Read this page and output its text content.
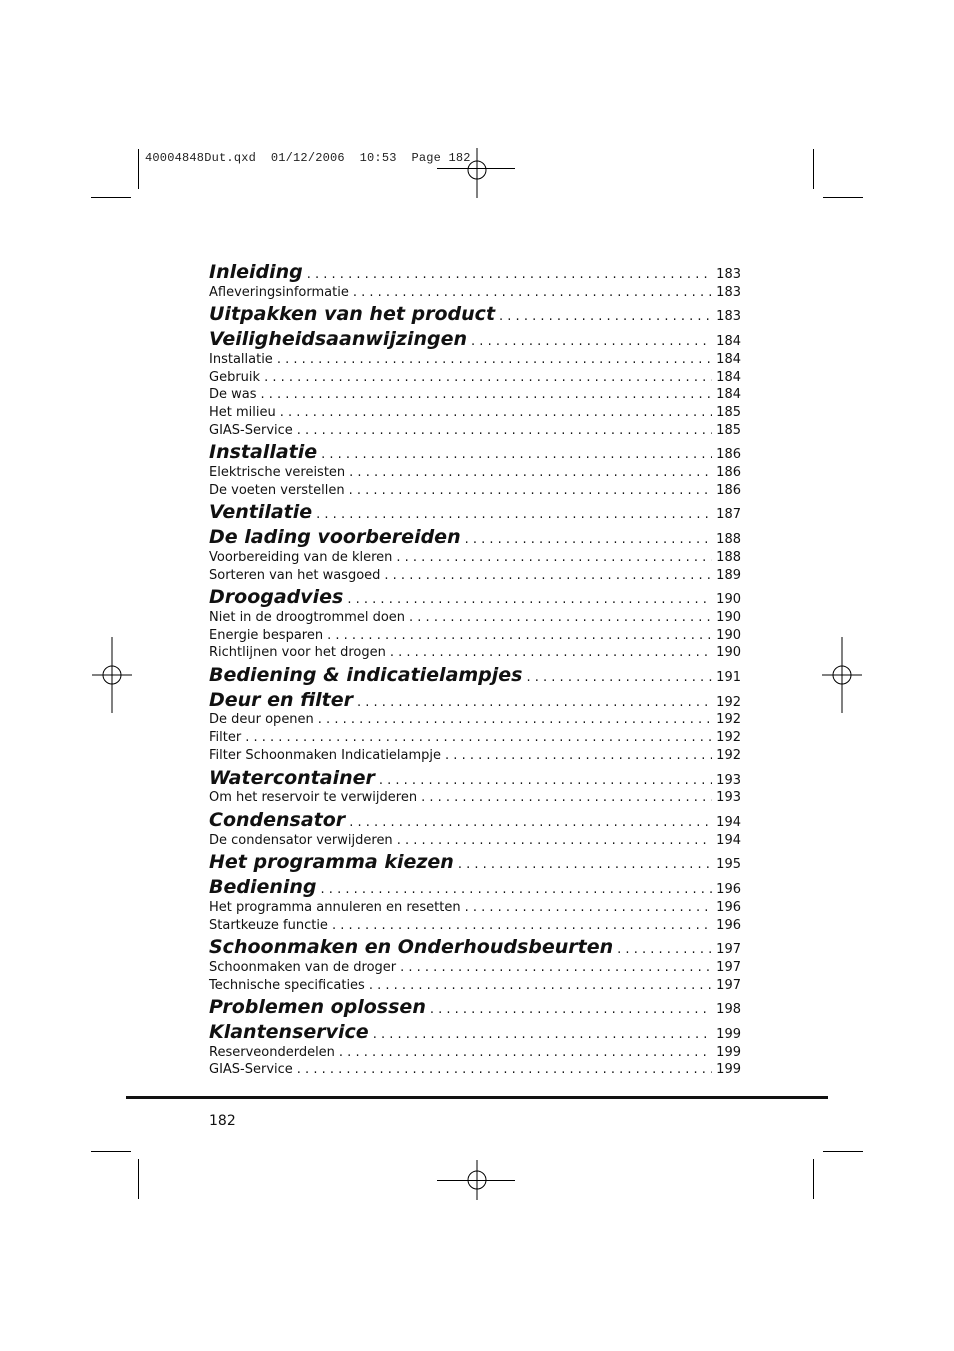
40004848Dut.qxd  01/12/2006  10:53  Page 182
Inleiding . . .	183
Afleveringsinformatie . . .	183
Uitpakken van het product . . .	183
Veiligheidsaanwijzingen . . .	184
Installatie . . .	184
Gebruik . . .	184
De was . . .	184
Het milieu . . .	185
GIAS-Service . . .	185
Installatie . . .	186
Elektrische vereisten . . .	186
De voeten verstellen . . .	186
Ventilatie . . .	187
De lading voorbereiden . . .	188
Voorbereiding van de kleren . . .	188
Sorteren van het wasgoed . . .	189
Droogadvies . . .	190
Niet in de droogtrommel doen . . .	190
Energie besparen . . .	190
Richtlijnen voor het drogen . . .	190
Bediening & indicatielampjes . . .	191
Deur en filter . . .	192
De deur openen . . .	192
Filter . . .	192
Filter Schoonmaken Indicatielampje . . .	192
Watercontainer . . .	193
Om het reservoir te verwijderen . . .	193
Condensator . . .	194
De condensator verwijderen . . .	194
Het programma kiezen . . .	195
Bediening . . .	196
Het programma annuleren en resetten . . .	196
Startkeuze functie . . .	196
Schoonmaken en Onderhoudsbeurten . . .	197
Schoonmaken van de droger . . .	197
Technische specificaties . . .	197
Problemen oplossen . . .	198
Klantenservice . . .	199
Reserveonderdelen . . .	199
GIAS-Service . . .	199
182
